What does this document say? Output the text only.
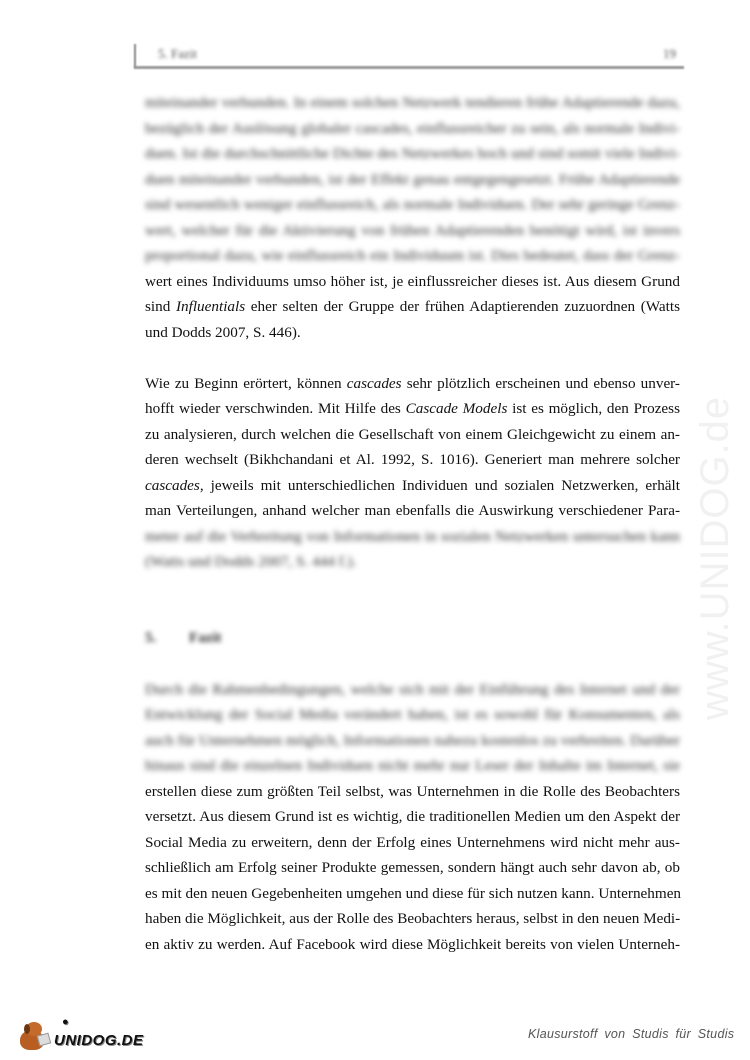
5. Fazit	19
www.UNIDOG.de
miteinander verbunden. In einem solchen Netzwerk tendieren frühe Adaptierende dazu,
bezüglich der Auslösung globaler cascades, einflussreicher zu sein, als normale Indivi-
duen. Ist die durchschnittliche Dichte des Netzwerkes hoch und sind somit viele Indivi-
duen miteinander verbunden, ist der Effekt genau entgegengesetzt. Frühe Adaptierende
sind wesentlich weniger einflussreich, als normale Individuen. Der sehr geringe Grenz-
wert, welcher für die Aktivierung von frühen Adaptierenden benötigt wird, ist invers
proportional dazu, wie einflussreich ein Individuum ist. Dies bedeutet, dass der Grenz-
wert eines Individuums umso höher ist, je einflussreicher dieses ist. Aus diesem Grund
sind Influentials eher selten der Gruppe der frühen Adaptierenden zuzuordnen (Watts
und Dodds 2007, S. 446).
Wie zu Beginn erörtert, können cascades sehr plötzlich erscheinen und ebenso unver-
hofft wieder verschwinden. Mit Hilfe des Cascade Models ist es möglich, den Prozess
zu analysieren, durch welchen die Gesellschaft von einem Gleichgewicht zu einem an-
deren wechselt (Bikhchandani et Al. 1992, S. 1016). Generiert man mehrere solcher
cascades, jeweils mit unterschiedlichen Individuen und sozialen Netzwerken, erhält
man Verteilungen, anhand welcher man ebenfalls die Auswirkung verschiedener Para-
meter auf die Verbreitung von Informationen in sozialen Netzwerken untersuchen kann
(Watts und Dodds 2007, S. 444 f.).
5. Fazit
Durch die Rahmenbedingungen, welche sich mit der Einführung des Internet und der
Entwicklung der Social Media verändert haben, ist es sowohl für Konsumenten, als
auch für Unternehmen möglich, Informationen nahezu kostenlos zu verbreiten. Darüber
hinaus sind die einzelnen Individuen nicht mehr nur Leser der Inhalte im Internet, sie
erstellen diese zum größten Teil selbst, was Unternehmen in die Rolle des Beobachters
versetzt. Aus diesem Grund ist es wichtig, die traditionellen Medien um den Aspekt der
Social Media zu erweitern, denn der Erfolg eines Unternehmens wird nicht mehr aus-
schließlich am Erfolg seiner Produkte gemessen, sondern hängt auch sehr davon ab, ob
es mit den neuen Gegebenheiten umgehen und diese für sich nutzen kann. Unternehmen
haben die Möglichkeit, aus der Rolle des Beobachters heraus, selbst in den neuen Medi-
en aktiv zu werden. Auf Facebook wird diese Möglichkeit bereits von vielen Unterneh-
●
UNIDOG.DE	Klausurstoff von Studis für Studis
